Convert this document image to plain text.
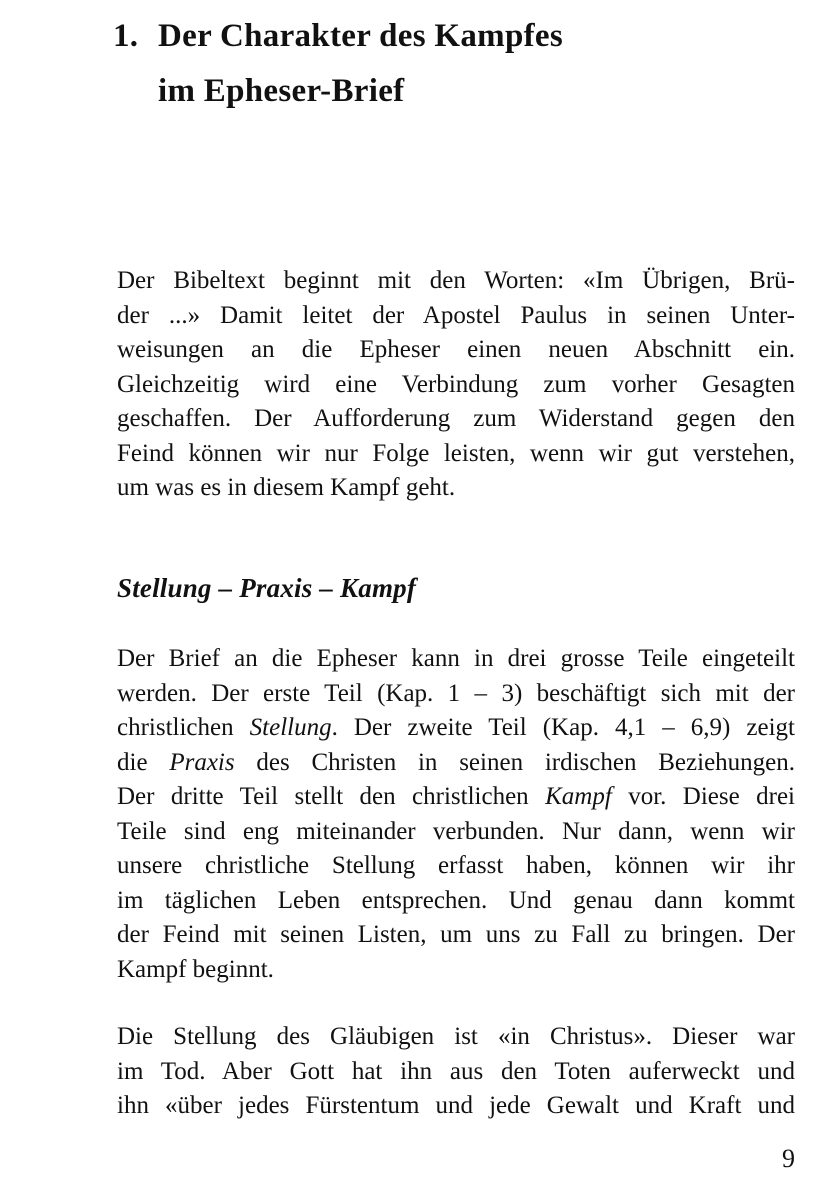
1. Der Charakter des Kampfes
im Epheser-Brief
Der Bibeltext beginnt mit den Worten: «Im Übrigen, Brü-
der ...» Damit leitet der Apostel Paulus in seinen Unter-
weisungen an die Epheser einen neuen Abschnitt ein.
Gleichzeitig wird eine Verbindung zum vorher Gesagten
geschaffen. Der Aufforderung zum Widerstand gegen den
Feind können wir nur Folge leisten, wenn wir gut verstehen,
um was es in diesem Kampf geht.
Stellung – Praxis – Kampf
Der Brief an die Epheser kann in drei grosse Teile eingeteilt
werden. Der erste Teil (Kap. 1 – 3) beschäftigt sich mit der
christlichen Stellung. Der zweite Teil (Kap. 4,1 – 6,9) zeigt
die Praxis des Christen in seinen irdischen Beziehungen.
Der dritte Teil stellt den christlichen Kampf vor. Diese drei
Teile sind eng miteinander verbunden. Nur dann, wenn wir
unsere christliche Stellung erfasst haben, können wir ihr
im täglichen Leben entsprechen. Und genau dann kommt
der Feind mit seinen Listen, um uns zu Fall zu bringen. Der
Kampf beginnt.
Die Stellung des Gläubigen ist «in Christus». Dieser war
im Tod. Aber Gott hat ihn aus den Toten auferweckt und
ihn «über jedes Fürstentum und jede Gewalt und Kraft und
9
